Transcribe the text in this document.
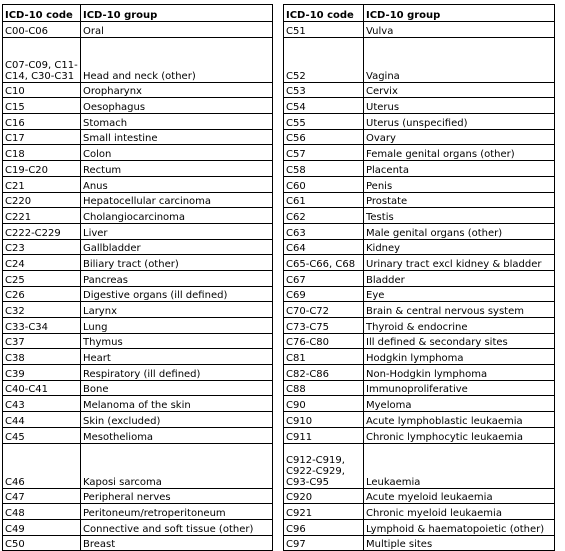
ICD-10 code	ICD-10 group
C00-C06	Oral
C07-C09, C11-C14, C30-C31	Head and neck (other)
C10	Oropharynx
C15	Oesophagus
C16	Stomach
C17	Small intestine
C18	Colon
C19-C20	Rectum
C21	Anus
C220	Hepatocellular carcinoma
C221	Cholangiocarcinoma
C222-C229	Liver
C23	Gallbladder
C24	Biliary tract (other)
C25	Pancreas
C26	Digestive organs (ill defined)
C32	Larynx
C33-C34	Lung
C37	Thymus
C38	Heart
C39	Respiratory (ill defined)
C40-C41	Bone
C43	Melanoma of the skin
C44	Skin (excluded)
C45	Mesothelioma
C46	Kaposi sarcoma
C47	Peripheral nerves
C48	Peritoneum/retroperitoneum
C49	Connective and soft tissue (other)
C50	Breast
ICD-10 code	ICD-10 group
C51	Vulva
C52	Vagina
C53	Cervix
C54	Uterus
C55	Uterus (unspecified)
C56	Ovary
C57	Female genital organs (other)
C58	Placenta
C60	Penis
C61	Prostate
C62	Testis
C63	Male genital organs (other)
C64	Kidney
C65-C66, C68	Urinary tract excl kidney & bladder
C67	Bladder
C69	Eye
C70-C72	Brain & central nervous system
C73-C75	Thyroid & endocrine
C76-C80	Ill defined & secondary sites
C81	Hodgkin lymphoma
C82-C86	Non-Hodgkin lymphoma
C88	Immunoproliferative
C90	Myeloma
C910	Acute lymphoblastic leukaemia
C911	Chronic lymphocytic leukaemia
C912-C919, C922-C929, C93-C95	Leukaemia
C920	Acute myeloid leukaemia
C921	Chronic myeloid leukaemia
C96	Lymphoid & haematopoietic (other)
C97	Multiple sites
